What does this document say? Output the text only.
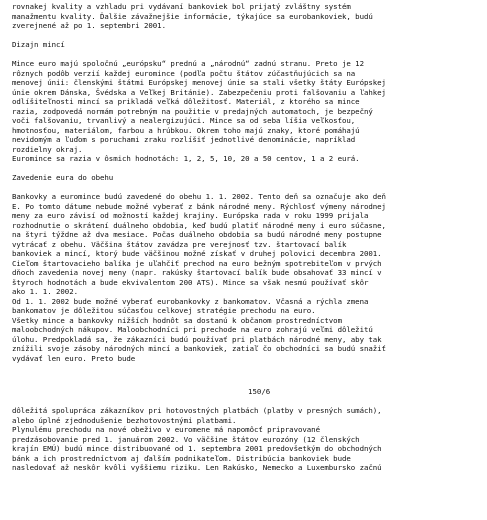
rovnakej kvality a vzhladu pri vydávaní bankoviek bol prijatý zvláštny systém
manažmentu kvality. Ďalšie závažnejšie informácie, týkajúce sa eurobankoviek, budú
zverejnené až po 1. septembri 2001.
Dizajn mincí
Mince euro majú spoločnú „európsku“ prednú a „národnú“ zadnú stranu. Preto je 12
rôznych podôb verzií každej euromince (podľa počtu štátov zúčastňujúcich sa na
menovej únii: členskými štátmi Európskej menovej únie sa stali všetky štáty Európskej
únie okrem Dánska, Švédska a Veľkej Británie). Zabezpečeniu proti falšovaniu a ľahkej
odlíšiteľnosti mincí sa prikladá veľká dôležitosť. Materiál, z ktorého sa mince
razia, zodpovedá normám potrebným na použitie v predajných automatoch, je bezpečný
voči falšovaniu, trvanlivý a nealergizujúci. Mince sa od seba líšia veľkosťou,
hmotnosťou, materiálom, farbou a hrúbkou. Okrem toho majú znaky, ktoré pomáhajú
nevidomým a ľuďom s poruchami zraku rozlíšiť jednotlivé denominácie, napríklad
rozdielny okraj.
Euromince sa razia v ôsmich hodnotách: 1, 2, 5, 10, 20 a 50 centov, 1 a 2 eurá.
Zavedenie eura do obehu
Bankovky a euromince budú zavedené do obehu 1. 1. 2002. Tento deň sa označuje ako deň
E. Po tomto dátume nebude možné vyberať z bánk národné meny. Rýchlosť výmeny národnej
meny za euro závisí od možností každej krajiny. Európska rada v roku 1999 prijala
rozhodnutie o skrátení duálneho obdobia, keď budú platiť národné meny i euro súčasne,
na štyri týždne až dva mesiace. Počas duálneho obdobia sa budú národné meny postupne
vytrácať z obehu. Väčšina štátov zavádza pre verejnosť tzv. štartovací balík
bankoviek a mincí, ktorý bude väčšinou možné získať v druhej polovici decembra 2001.
Cieľom štartovacieho balíka je uľahčiť prechod na euro bežným spotrebiteľom v prvých
dňoch zavedenia novej meny (napr. rakúsky štartovací balík bude obsahovať 33 mincí v
štyroch hodnotách a bude ekvivalentom 200 ATS). Mince sa však nesmú používať skôr
ako 1. 1. 2002.
Od 1. 1. 2002 bude možné vyberať eurobankovky z bankomatov. Včasná a rýchla zmena
bankomatov je dôležitou súčasťou celkovej stratégie prechodu na euro.
Všetky mince a bankovky nižších hodnôt sa dostanú k občanom prostredníctvom
maloobchodných nákupov. Maloobchodníci pri prechode na euro zohrajú veľmi dôležitú
úlohu. Predpokladá sa, že zákazníci budú používať pri platbách národné meny, aby tak
znížili svoje zásoby národných mincí a bankoviek, zatiaľ čo obchodníci sa budú snažiť
vydávať len euro. Preto bude
150/6
dôležitá spolupráca zákazníkov pri hotovostných platbách (platby v presných sumách),
alebo úplné zjednodušenie bezhotovostnými platbami.
Plynulému prechodu na nové obeživo v euromene má napomôcť pripravované
predzásobovanie pred 1. januárom 2002. Vo väčšine štátov eurozóny (12 členských
krajín EMÚ) budú mince distribuované od 1. septembra 2001 predovšetkým do obchodných
bánk a ich prostredníctvom aj ďalším podnikateľom. Distribúcia bankoviek bude
nasledovať až neskôr kvôli vyššiemu riziku. Len Rakúsko, Nemecko a Luxembursko začnú
